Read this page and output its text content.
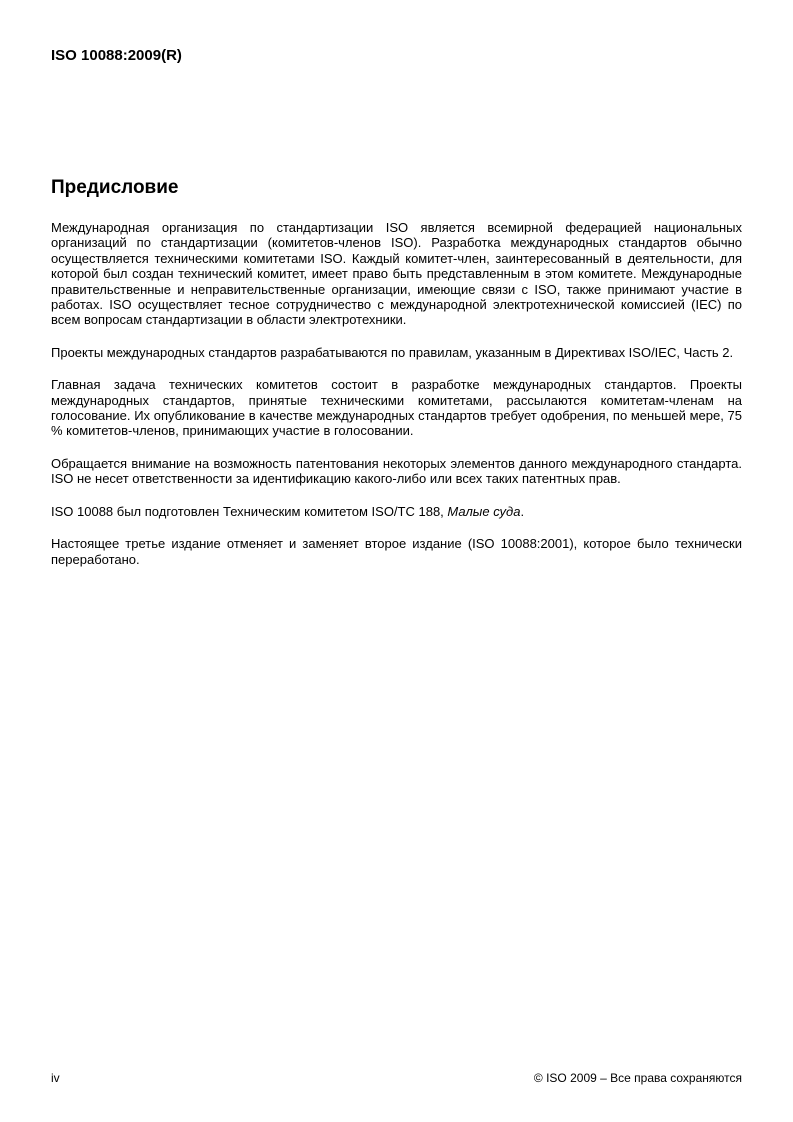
ISO 10088:2009(R)
Предисловие

Международная организация по стандартизации ISO является всемирной федерацией национальных организаций по стандартизации (комитетов-членов ISO). Разработка международных стандартов обычно осуществляется техническими комитетами ISO. Каждый комитет-член, заинтересованный в деятельности, для которой был создан технический комитет, имеет право быть представленным в этом комитете. Международные правительственные и неправительственные организации, имеющие связи с ISO, также принимают участие в работах. ISO осуществляет тесное сотрудничество с международной электротехнической комиссией (IEC) по всем вопросам стандартизации в области электротехники.

Проекты международных стандартов разрабатываются по правилам, указанным в Директивах ISO/IEC, Часть 2.

Главная задача технических комитетов состоит в разработке международных стандартов. Проекты международных стандартов, принятые техническими комитетами, рассылаются комитетам-членам на голосование. Их опубликование в качестве международных стандартов требует одобрения, по меньшей мере, 75 % комитетов-членов, принимающих участие в голосовании.

Обращается внимание на возможность патентования некоторых элементов данного международного стандарта. ISO не несет ответственности за идентификацию какого-либо или всех таких патентных прав.

ISO 10088 был подготовлен Техническим комитетом ISO/TC 188, Малые суда.

Настоящее третье издание отменяет и заменяет второе издание (ISO 10088:2001), которое было технически переработано.

iv	© ISO 2009 – Все права сохраняются
